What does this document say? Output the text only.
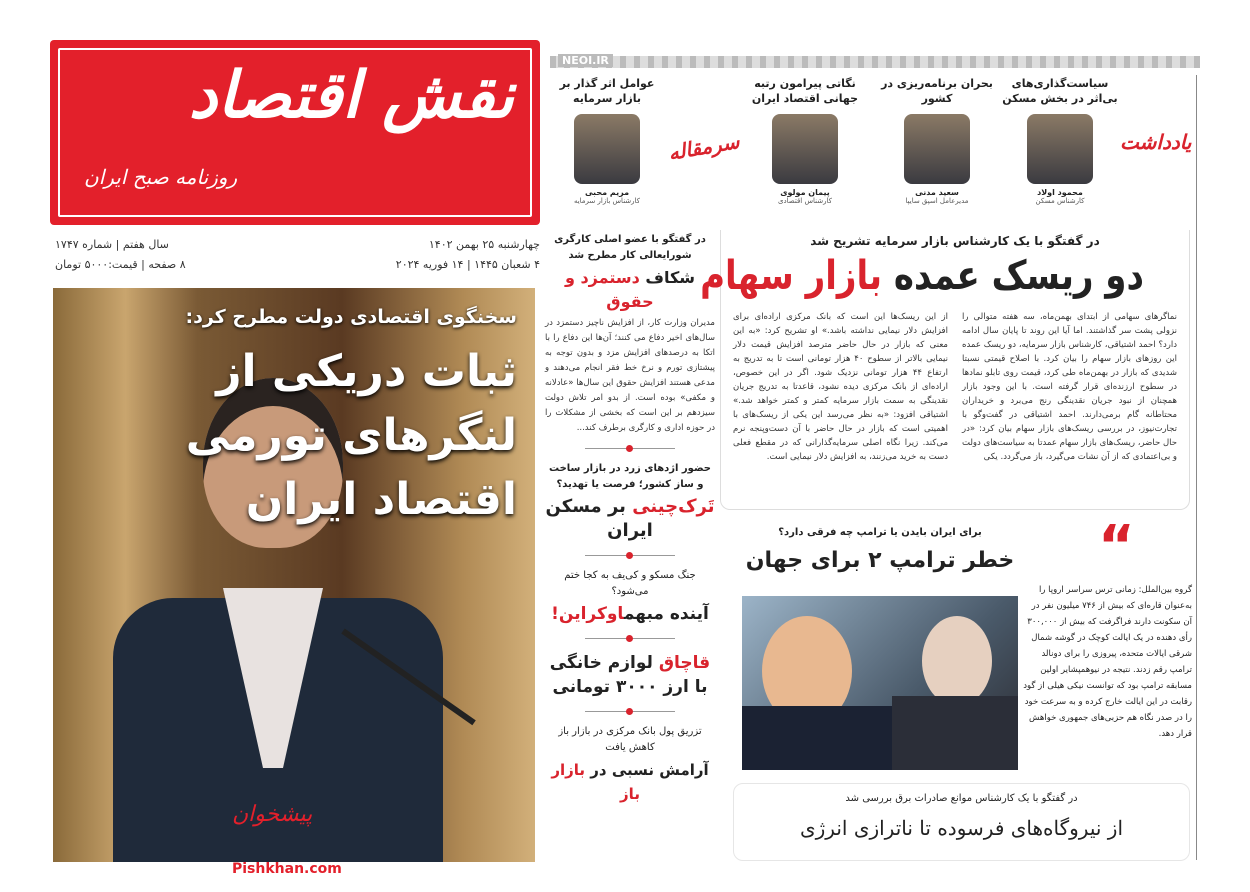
نقش اقتصاد
روزنامه صبح ایران
چهارشنبه ۲۵ بهمن ۱۴۰۲
۴ شعبان ۱۴۴۵ | ۱۴ فوریه ۲۰۲۴
سال هفتم | شماره ۱۷۴۷
۸ صفحه | قیمت:۵۰۰۰ تومان
سخنگوی اقتصادی دولت مطرح کرد:
ثبات دریکی از
لنگرهای تورمی
اقتصاد ایران
پیشخوان
Pishkhan.com
NEOI.IR
یادداشت
سرمقاله
سیاست‌گذاری‌های بی‌اثر در بخش مسکن
محمود اولاد
کارشناس مسکن
بحران برنامه‌ریزی در کشور
سعید مدنی
مدیرعامل اسپق سایپا
نگاتی پیرامون رتبه جهانی اقتصاد ایران
پیمان مولوی
کارشناس اقتصادی
عوامل اثر گذار بر بازار سرمایه
مریم محبی
کارشناس بازار سرمایه
در گفتگو با عضو اصلی کارگری شورایعالی کار مطرح شد
شکاف دستمزد و حقوق
مدیران وزارت کار، از افزایش ناچیز دستمزد در سال‌های اخیر دفاع می کنند؛ آن‌ها این دفاع را با اتکا به درصدهای افزایش مزد و بدون توجه به پیشتازی تورم و نرخ خط فقر انجام می‌دهند و مدعی هستند افزایش حقوق این سال‌ها «عادلانه و مکفی» بوده است. از بدو امر تلاش دولت سیزدهم بر این است که بخشی از مشکلات را در حوزه اداری و کارگری برطرف کند...
حضور اژدهای زرد در بازار ساخت و ساز کشور؛ فرصت یا تهدید؟
تَرک‌چینی بر مسکن ایران
جنگ مسکو و کی‌یف به کجا ختم می‌شود؟
آینده مبهماوکراین!
قاچاق لوازم خانگی با ارز ۳۰۰۰ تومانی
تزریق پول بانک مرکزی در بازار باز کاهش یافت
آرامش نسبی در بازار باز
در گفتگو با یک کارشناس بازار سرمایه تشریح شد
دو ریسک عمده بازار سهام
نماگرهای سهامی از ابتدای بهمن‌ماه، سه هفته متوالی را نزولی پشت سر گذاشتند. اما آیا این روند تا پایان سال ادامه دارد؟ احمد اشتیاقی، کارشناس بازار سرمایه، دو ریسک عمده این روزهای بازار سهام را بیان کرد. با اصلاح قیمتی نسبتا شدیدی که بازار در بهمن‌ماه طی کرد، قیمت روی تابلو نمادها در سطوح ارزنده‌ای قرار گرفته است. با این وجود بازار همچنان از نبود جریان نقدینگی رنج می‌برد و خریداران محتاطانه گام برمی‌دارند. احمد اشتیاقی در گفت‌وگو با تجارت‌نیوز، در بررسی ریسک‌های بازار سهام بیان کرد: «در حال حاضر، ریسک‌های بازار سهام عمدتا به سیاست‌های دولت و بی‌اعتمادی که از آن نشات می‌گیرد، باز می‌گردد. یکی
از این ریسک‌ها این است که بانک مرکزی اراده‌ای برای افزایش دلار نیمایی نداشته باشد.» او تشریح کرد: «به این معنی که بازار در حال حاضر مترصد افزایش قیمت دلار نیمایی بالاتر از سطوح ۴۰ هزار تومانی است تا به تدریج به ارتفاع ۴۴ هزار تومانی نزدیک شود. اگر در این خصوص، اراده‌ای از بانک مرکزی دیده نشود، قاعدتا به تدریج جریان نقدینگی به سمت بازار سرمایه کمتر و کمتر خواهد شد.» اشتیاقی افزود: «به نظر می‌رسد این یکی از ریسک‌های با اهمیتی است که بازار در حال حاضر با آن دست‌وپنجه نرم می‌کند. زیرا نگاه اصلی سرمایه‌گذارانی که در مقطع فعلی دست به خرید می‌زنند، به افزایش دلار نیمایی است.
“
برای ایران بایدن یا ترامپ چه فرقی دارد؟
خطر ترامپ ۲ برای جهان
گروه بین‌الملل: زمانی ترس سراسر اروپا را به‌عنوان قاره‌ای که بیش از ۷۴۶ میلیون نفر در آن سکونت دارند فراگرفت که بیش از ۳۰۰,۰۰۰ رأی دهنده در یک ایالت کوچک در گوشه شمال شرقی ایالات متحده، پیروزی را برای دونالد ترامپ رقم زدند. نتیجه در نیوهمپشایر اولین مسابقه ترامپ بود که توانست نیکی هیلی از گود رقابت در این ایالت خارج کرده و به سرعت خود را در صدر نگاه هم حزبی‌های جمهوری خواهش قرار دهد.
در گفتگو با یک کارشناس موانع صادرات برق بررسی شد
از نیروگاه‌های فرسوده تا ناترازی انرژی
